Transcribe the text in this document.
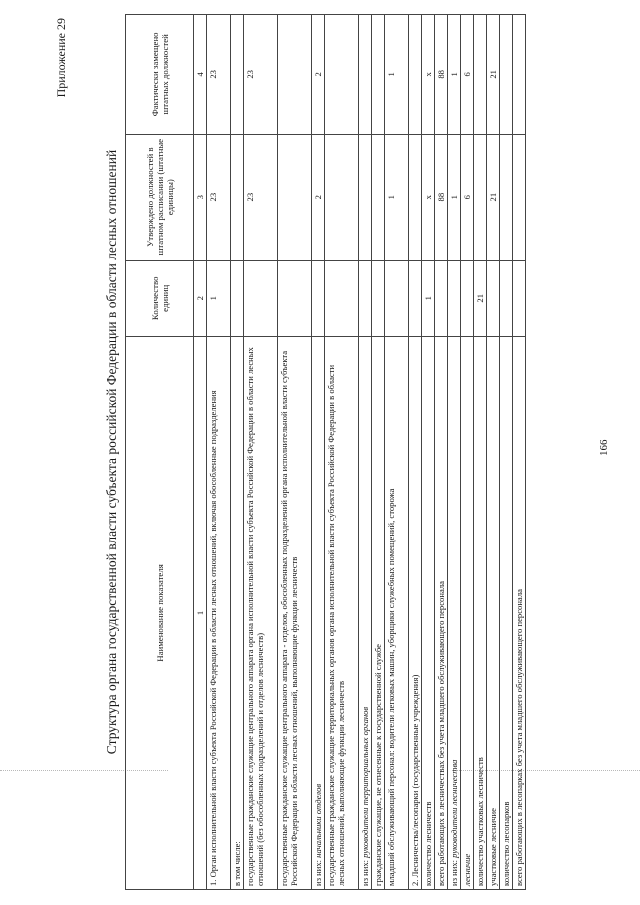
Приложение 29
Структура органа государственной власти субъекта российской Федерации в области лесных отношений	Наименование показателя	Количество единиц	Утверждено должностей в штатном расписании (штатные единицы)	Фактически замещено штатных должностей
1	2	3	4
1. Орган исполнительной власти субъекта Российской Федерации в области лесных отношений, включая обособленные подразделения	1	23	23
в том числе:			
государственные гражданские служащие центрального аппарата органа исполнительной власти субъекта Российской Федерации в области лесных отношений (без обособленных подразделений и отделов лесничеств)		23	23
государственные гражданские служащие центрального аппарата - отделов, обособленных подразделений органа исполнительной власти субъекта Российской Федерации в области лесных отношений, выполняющие функции лесничеств			
из них: начальники отделов		2	2
государственные гражданские служащие территориальных органов органа исполнительной власти субъекта Российской Федерации в области лесных отношений, выполняющие функции лесничеств			
из них: руководители территориальных органов			
гражданские служащие, не отнесенные к государственной службе			
младший обслуживающий персонал: водители легковых машин, уборщики служебных помещений, сторожа		1	1
2. Лесничества/лесопарки (государственные учреждения)			
количество лесничеств	1	x	x
всего работающих в лесничествах без учета младшего обслуживающего персонала		88	88
из них: руководители лесничества		1	1
лесничие		6	6
количество участковых лесничеств	21		
участковые лесничие		21	21
количество лесопарков			
всего работающих в лесопарках без учета младшего обслуживающего персонала			
166
